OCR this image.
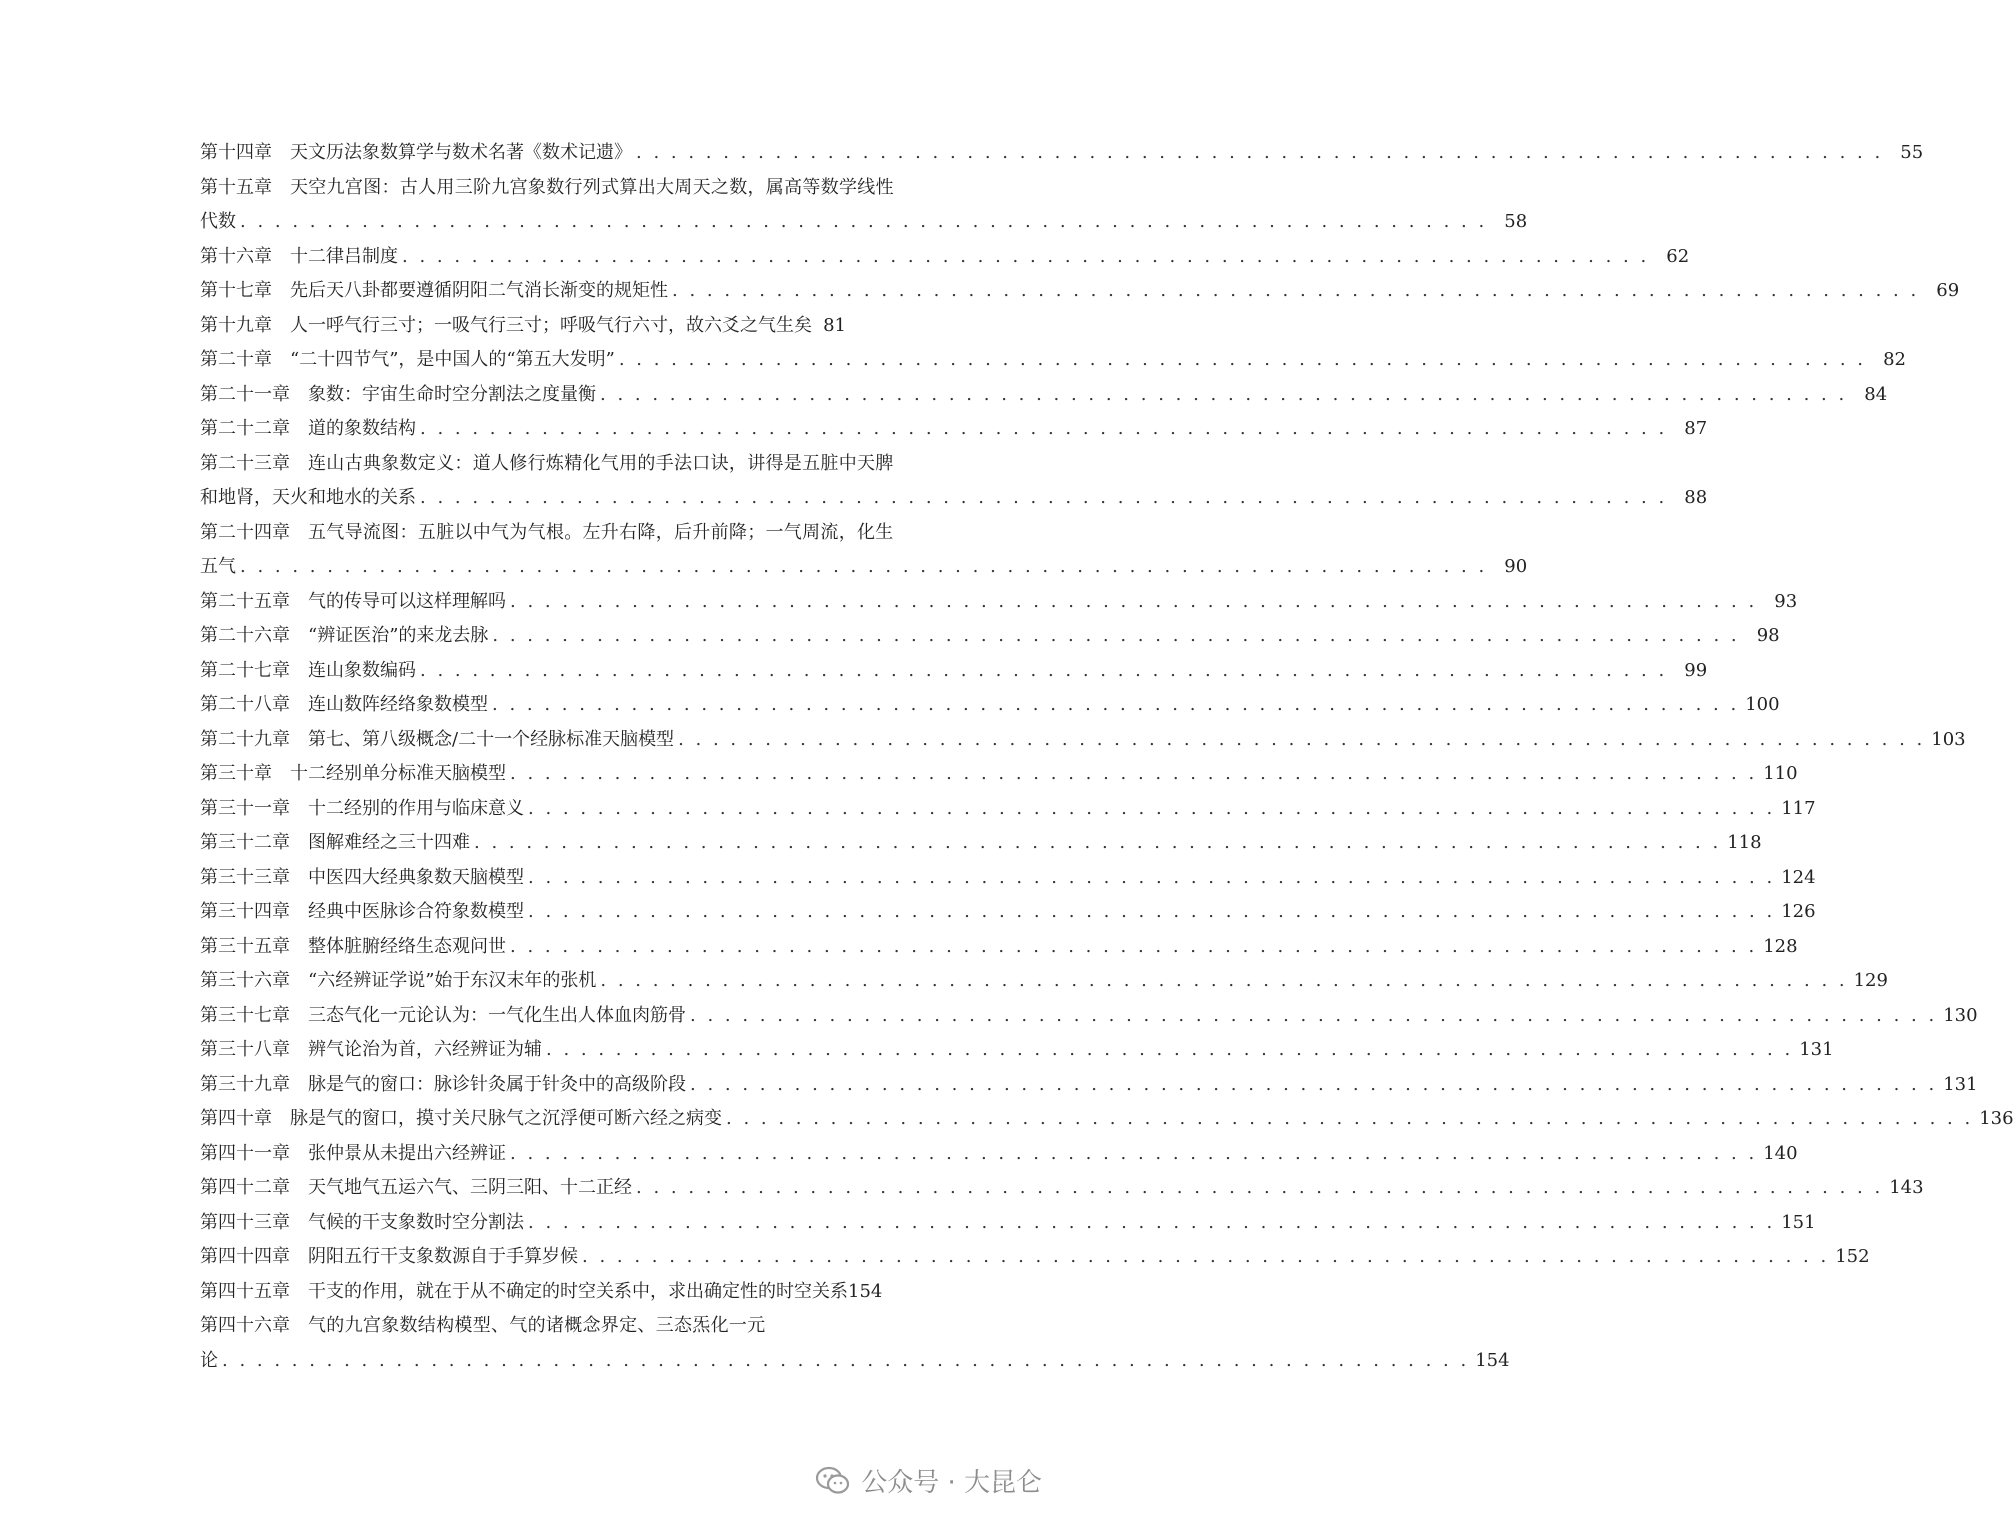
第十四章
　 天文历法象数算学与数术名著《数术记遗》 . . . . . . . . . . . . . . . . . . . . . . . . . . . . . . . . . . . . . . . . . . . . . . . . . . . . . . . . . . . . . . . . . . . . . . . . 55
第十五章
　 天空九宫图：古人用三阶九宫象数行列式算出大周天之数，属高等数学线性
代数 . . . . . . . . . . . . . . . . . . . . . . . . . . . . . . . . . . . . . . . . . . . . . . . . . . . . . . . . . . . . . . . . . . . . . . . . 58
第十六章
　 十二律吕制度 . . . . . . . . . . . . . . . . . . . . . . . . . . . . . . . . . . . . . . . . . . . . . . . . . . . . . . . . . . . . . . . . . . . . . . . . 62
第十七章
　 先后天八卦都要遵循阴阳二气消长渐变的规矩性 . . . . . . . . . . . . . . . . . . . . . . . . . . . . . . . . . . . . . . . . . . . . . . . . . . . . . . . . . . . . . . . . . . . . . . . . 69
第十九章
　 人一呼气行三寸；一吸气行三寸；呼吸气行六寸，故六爻之气生矣 81
第二十章
　 “二十四节气”，是中国人的“第五大发明” . . . . . . . . . . . . . . . . . . . . . . . . . . . . . . . . . . . . . . . . . . . . . . . . . . . . . . . . . . . . . . . . . . . . . . . . 82
第二十一章
　 象数：宇宙生命时空分割法之度量衡 . . . . . . . . . . . . . . . . . . . . . . . . . . . . . . . . . . . . . . . . . . . . . . . . . . . . . . . . . . . . . . . . . . . . . . . . 84
第二十二章
　 道的象数结构 . . . . . . . . . . . . . . . . . . . . . . . . . . . . . . . . . . . . . . . . . . . . . . . . . . . . . . . . . . . . . . . . . . . . . . . . 87
第二十三章
　 连山古典象数定义：道人修行炼精化气用的手法口诀，讲得是五脏中天脾
和地肾，天火和地水的关系 . . . . . . . . . . . . . . . . . . . . . . . . . . . . . . . . . . . . . . . . . . . . . . . . . . . . . . . . . . . . . . . . . . . . . . . . 88
第二十四章
　 五气导流图：五脏以中气为气根。左升右降，后升前降；一气周流，化生
五气 . . . . . . . . . . . . . . . . . . . . . . . . . . . . . . . . . . . . . . . . . . . . . . . . . . . . . . . . . . . . . . . . . . . . . . . . 90
第二十五章
　 气的传导可以这样理解吗 . . . . . . . . . . . . . . . . . . . . . . . . . . . . . . . . . . . . . . . . . . . . . . . . . . . . . . . . . . . . . . . . . . . . . . . . 93
第二十六章
　 “辨证医治”的来龙去脉 . . . . . . . . . . . . . . . . . . . . . . . . . . . . . . . . . . . . . . . . . . . . . . . . . . . . . . . . . . . . . . . . . . . . . . . . 98
第二十七章
　 连山象数编码 . . . . . . . . . . . . . . . . . . . . . . . . . . . . . . . . . . . . . . . . . . . . . . . . . . . . . . . . . . . . . . . . . . . . . . . . 99
第二十八章
　 连山数阵经络象数模型 . . . . . . . . . . . . . . . . . . . . . . . . . . . . . . . . . . . . . . . . . . . . . . . . . . . . . . . . . . . . . . . . . . . . . . . . 100
第二十九章
　 第七、第八级概念/二十一个经脉标准天脑模型 . . . . . . . . . . . . . . . . . . . . . . . . . . . . . . . . . . . . . . . . . . . . . . . . . . . . . . . . . . . . . . . . . . . . . . . . 103
第三十章
　 十二经别单分标准天脑模型 . . . . . . . . . . . . . . . . . . . . . . . . . . . . . . . . . . . . . . . . . . . . . . . . . . . . . . . . . . . . . . . . . . . . . . . . 110
第三十一章
　 十二经别的作用与临床意义 . . . . . . . . . . . . . . . . . . . . . . . . . . . . . . . . . . . . . . . . . . . . . . . . . . . . . . . . . . . . . . . . . . . . . . . . 117
第三十二章
　 图解难经之三十四难 . . . . . . . . . . . . . . . . . . . . . . . . . . . . . . . . . . . . . . . . . . . . . . . . . . . . . . . . . . . . . . . . . . . . . . . . 118
第三十三章
　 中医四大经典象数天脑模型 . . . . . . . . . . . . . . . . . . . . . . . . . . . . . . . . . . . . . . . . . . . . . . . . . . . . . . . . . . . . . . . . . . . . . . . . 124
第三十四章
　 经典中医脉诊合符象数模型 . . . . . . . . . . . . . . . . . . . . . . . . . . . . . . . . . . . . . . . . . . . . . . . . . . . . . . . . . . . . . . . . . . . . . . . . 126
第三十五章
　 整体脏腑经络生态观问世 . . . . . . . . . . . . . . . . . . . . . . . . . . . . . . . . . . . . . . . . . . . . . . . . . . . . . . . . . . . . . . . . . . . . . . . . 128
第三十六章
　 “六经辨证学说”始于东汉末年的张机 . . . . . . . . . . . . . . . . . . . . . . . . . . . . . . . . . . . . . . . . . . . . . . . . . . . . . . . . . . . . . . . . . . . . . . . . 129
第三十七章
　 三态气化一元论认为：一气化生出人体血肉筋骨 . . . . . . . . . . . . . . . . . . . . . . . . . . . . . . . . . . . . . . . . . . . . . . . . . . . . . . . . . . . . . . . . . . . . . . . . 130
第三十八章
　 辨气论治为首，六经辨证为辅 . . . . . . . . . . . . . . . . . . . . . . . . . . . . . . . . . . . . . . . . . . . . . . . . . . . . . . . . . . . . . . . . . . . . . . . . 131
第三十九章
　 脉是气的窗口：脉诊针灸属于针灸中的高级阶段 . . . . . . . . . . . . . . . . . . . . . . . . . . . . . . . . . . . . . . . . . . . . . . . . . . . . . . . . . . . . . . . . . . . . . . . . 131
第四十章
　 脉是气的窗口，摸寸关尺脉气之沉浮便可断六经之病变 . . . . . . . . . . . . . . . . . . . . . . . . . . . . . . . . . . . . . . . . . . . . . . . . . . . . . . . . . . . . . . . . . . . . . . . . 136
第四十一章
　 张仲景从未提出六经辨证 . . . . . . . . . . . . . . . . . . . . . . . . . . . . . . . . . . . . . . . . . . . . . . . . . . . . . . . . . . . . . . . . . . . . . . . . 140
第四十二章
　 天气地气五运六气、三阴三阳、十二正经 . . . . . . . . . . . . . . . . . . . . . . . . . . . . . . . . . . . . . . . . . . . . . . . . . . . . . . . . . . . . . . . . . . . . . . . . 143
第四十三章
　 气候的干支象数时空分割法 . . . . . . . . . . . . . . . . . . . . . . . . . . . . . . . . . . . . . . . . . . . . . . . . . . . . . . . . . . . . . . . . . . . . . . . . 151
第四十四章
　 阴阳五行干支象数源自于手算岁候 . . . . . . . . . . . . . . . . . . . . . . . . . . . . . . . . . . . . . . . . . . . . . . . . . . . . . . . . . . . . . . . . . . . . . . . . 152
第四十五章
　 干支的作用，就在于从不确定的时空关系中，求出确定性的时空关系 154
第四十六章
　 气的九宫象数结构模型、气的诸概念界定、三态炁化一元
论 . . . . . . . . . . . . . . . . . . . . . . . . . . . . . . . . . . . . . . . . . . . . . . . . . . . . . . . . . . . . . . . . . . . . . . . . 154
公众号 · 大昆仑
